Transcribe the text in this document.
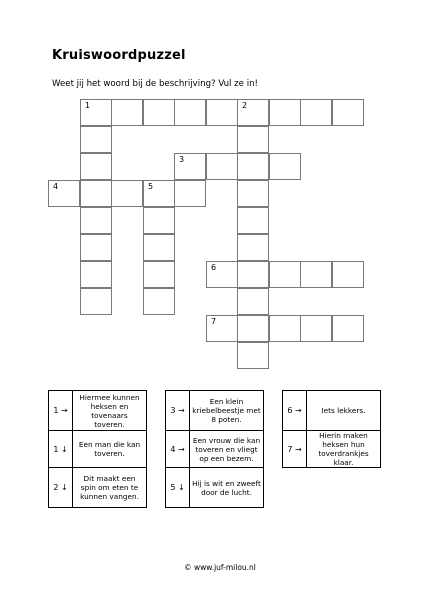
Kruiswoordpuzzel
Weet jij het woord bij de beschrijving? Vul ze in!
1	2
3
4	5
6
7
1 →	Hiermee kunnen heksen en tovenaars toveren.
1 ↓	Een man die kan toveren.
2 ↓	Dit maakt een spin om eten te kunnen vangen.
3 →	Een klein kriebelbeestje met 8 poten.
4 →	Een vrouw die kan toveren en vliegt op een bezem.
5 ↓	Hij is wit en zweeft door de lucht.
6 →	Iets lekkers.
7 →	Hierin maken heksen hun toverdrankjes klaar.
© www.juf-milou.nl
